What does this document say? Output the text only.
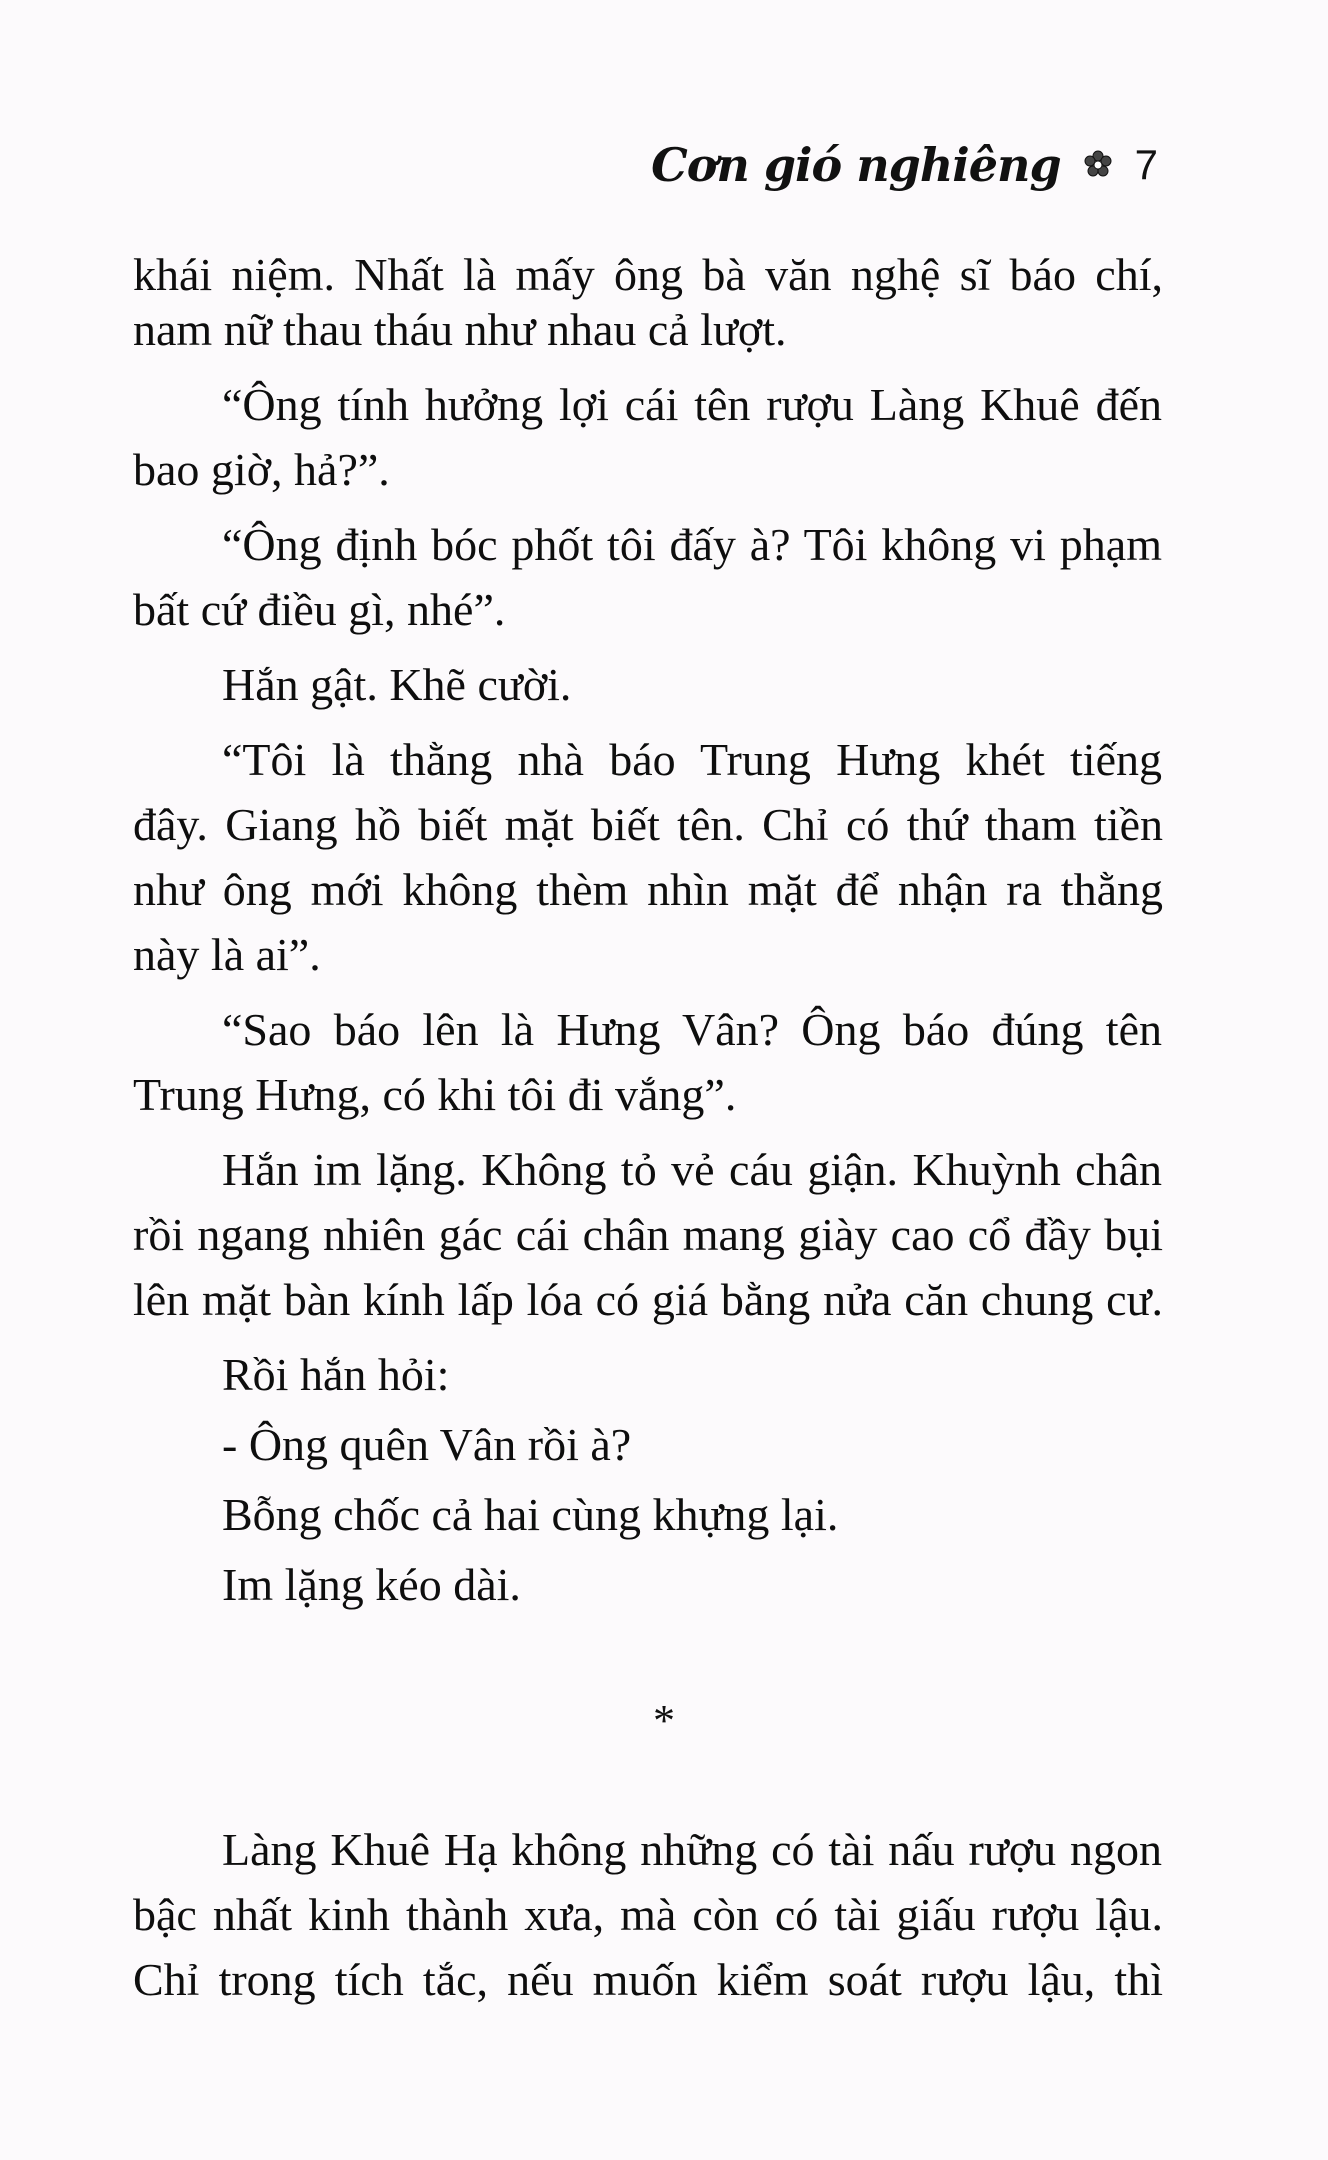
Cơn gió nghiêng 7
khái niệm. Nhất là mấy ông bà văn nghệ sĩ báo chí,
nam nữ thau tháu như nhau cả lượt.
“Ông tính hưởng lợi cái tên rượu Làng Khuê đến
bao giờ, hả?”.
“Ông định bóc phốt tôi đấy à? Tôi không vi phạm
bất cứ điều gì, nhé”.
Hắn gật. Khẽ cười.
“Tôi là thằng nhà báo Trung Hưng khét tiếng
đây. Giang hồ biết mặt biết tên. Chỉ có thứ tham tiền
như ông mới không thèm nhìn mặt để nhận ra thằng
này là ai”.
“Sao báo lên là Hưng Vân? Ông báo đúng tên
Trung Hưng, có khi tôi đi vắng”.
Hắn im lặng. Không tỏ vẻ cáu giận. Khuỳnh chân
rồi ngang nhiên gác cái chân mang giày cao cổ đầy bụi
lên mặt bàn kính lấp lóa có giá bằng nửa căn chung cư.
Rồi hắn hỏi:
- Ông quên Vân rồi à?
Bỗng chốc cả hai cùng khựng lại.
Im lặng kéo dài.
*
Làng Khuê Hạ không những có tài nấu rượu ngon
bậc nhất kinh thành xưa, mà còn có tài giấu rượu lậu.
Chỉ trong tích tắc, nếu muốn kiểm soát rượu lậu, thì
